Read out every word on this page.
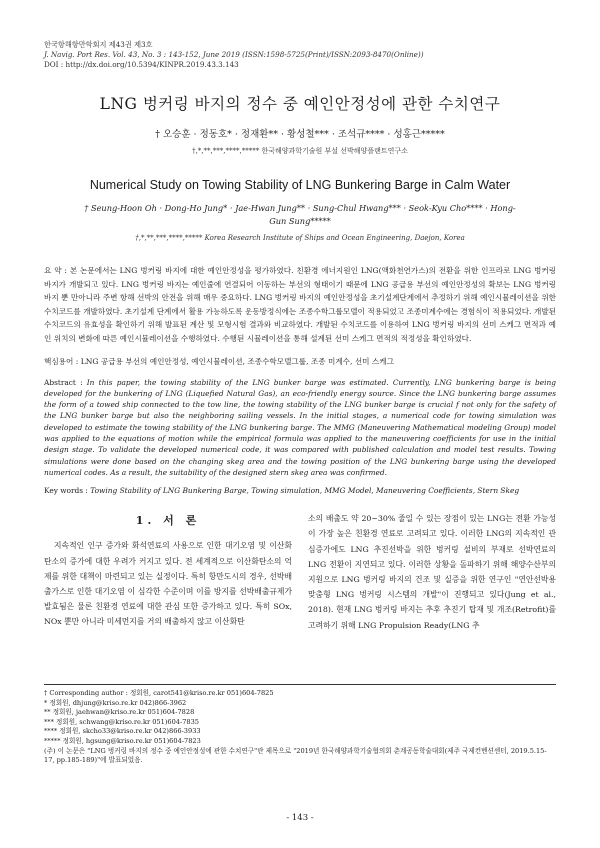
한국항해항만학회지 제43권 제3호
J. Navig. Port Res. Vol. 43, No. 3 : 143-152, June 2019 (ISSN:1598-5725(Print)/ISSN:2093-8470(Online))
DOI : http://dx.doi.org/10.5394/KINPR.2019.43.3.143
LNG 벙커링 바지의 정수 중 예인안정성에 관한 수치연구
† 오승훈 · 정동호* · 정재환** · 황성철*** · 조석규**** · 성홍근*****
†,*,**,***,****,***** 한국해양과학기술원 부설 선박해양플랜트연구소
Numerical Study on Towing Stability of LNG Bunkering Barge in Calm Water
† Seung-Hoon Oh · Dong-Ho Jung* · Jae-Hwan Jung** · Sung-Chul Hwang*** · Seok-Kyu Cho**** · Hong-Gun Sung*****
†,*,**,***,****,***** Korea Research Institute of Ships and Ocean Engineering, Daejon, Korea
요 약 : 본 논문에서는 LNG 벙커링 바지에 대한 예인안정성을 평가하였다. 친환경 에너지원인 LNG(액화천연가스)의 전환을 위한 인프라로 LNG 벙커링 바지가 개발되고 있다. LNG 벙커링 바지는 예인줄에 연결되어 이동하는 부선의 형태이기 때문에 LNG 공급용 부선의 예인안정성의 확보는 LNG 벙커링 바지 뿐 만아니라 주변 항해 선박의 안전을 위해 매우 중요하다. LNG 벙커링 바지의 예인안정성을 초기설계단계에서 추정하기 위해 예인시뮬레이션을 위한 수치코드를 개발하였다. 초기설계 단계에서 활용 가능하도록 운동방정식에는 조종수학그룹모델이 적용되었고 조종미계수에는 경험식이 적용되었다. 개발된 수치코드의 유효성을 확인하기 위해 발표된 계산 및 모형시험 결과와 비교하였다. 개발된 수치코드를 이용하여 LNG 벙커링 바지의 선미 스케그 면적과 예인 위치의 변화에 따른 예인시뮬레이션을 수행하였다. 수행된 시뮬레이션을 통해 설계된 선미 스케그 면적의 적정성을 확인하였다.
핵심용어 : LNG 공급용 부선의 예인안정성, 예인시뮬레이션, 조종수학모델그룹, 조종 미계수, 선미 스케그
Abstract : In this paper, the towing stability of the LNG bunker barge was estimated. Currently, LNG bunkering barge is being developed for the bunkering of LNG (Liquefied Natural Gas), an eco-friendly energy source. Since the LNG bunkering barge assumes the form of a towed ship connected to the tow line, the towing stability of the LNG bunker barge is crucial f not only for the safety of the LNG bunker barge but also the neighboring sailing vessels. In the initial stages, a numerical code for towing simulation was developed to estimate the towing stability of the LNG bunkering barge. The MMG (Maneuvering Mathematical modeling Group) model was applied to the equations of motion while the empirical formula was applied to the maneuvering coefficients for use in the initial design stage. To validate the developed numerical code, it was compared with published calculation and model test results. Towing simulations were done based on the changing skeg area and the towing position of the LNG bunkering barge using the developed numerical codes. As a result, the suitability of the designed stern skeg area was confirmed.
Key words : Towing Stability of LNG Bunkering Barge, Towing simulation, MMG Model, Maneuvering Coefficients, Stern Skeg
1. 서 론

지속적인 인구 증가와 화석연료의 사용으로 인한 대기오염 및 이산화탄소의 증가에 대한 우려가 커지고 있다. 전 세계적으로 이산화탄소의 억제를 위한 대책이 마련되고 있는 실정이다. 특히 항만도시의 경우, 선박배출가스로 인한 대기오염 이 심각한 수준이며 이를 방지를 선박배출규제가 발효됨은 물론 친환경 연료에 대한 관심 또한 증가하고 있다. 특히 SOx, NOx 뿐만 아니라 미세먼지를 거의 배출하지 않고 이산화탄

소의 배출도 약 20~30% 줄일 수 있는 장점이 있는 LNG는 전환 가능성이 가장 높은 친환경 연료로 고려되고 있다. 이러한 LNG의 지속적인 관심증가에도 LNG 추진선박을 위한 벙커링 설비의 부재로 선박연료의 LNG 전환이 지연되고 있다. 이러한 상황을 돌파하기 위해 해양수산부의 지원으로 LNG 벙커링 바지의 건조 및 실증을 위한 연구인 "연안선박용 맞춤형 LNG 벙커링 시스템의 개발"이 진행되고 있다(Jung et al., 2018). 현재 LNG 벙커링 바지는 추후 추진기 탑재 및 개조(Retrofit)를 고려하기 위해 LNG Propulsion Ready(LNG 추

† Corresponding author : 정회원, carot541@kriso.re.kr 051)604-7825
* 정회원, dhjung@kriso.re.kr 042)866-3962
** 정회원, jaehwan@kriso.re.kr 051)604-7828
*** 정회원, schwang@kriso.re.kr 051)604-7835
**** 정회원, skcho33@kriso.re.kr 042)866-3933
***** 정회원, hgsung@kriso.re.kr 051)604-7823
(주) 이 논문은 "LNG 벙커링 바지의 정수 중 예인안정성에 관한 수치연구"란 제목으로 "2019년 한국해양과학기술협의회 춘계공동학술대회(제주 국제컨벤션센터, 2019.5.15-17, pp.185-189)"에 발표되었음.
- 143 -
